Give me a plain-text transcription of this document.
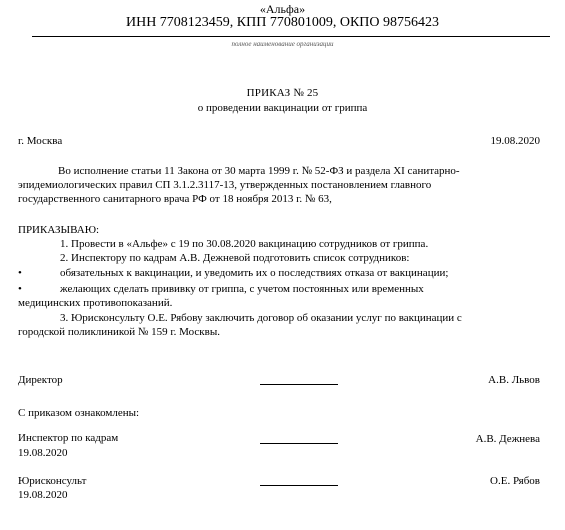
«Альфа»
ИНН 7708123459, КПП 770801009, ОКПО 98756423
полное наименование организации
ПРИКАЗ № 25
о проведении вакцинации от гриппа
г. Москва	19.08.2020
Во исполнение статьи 11 Закона от 30 марта 1999 г. № 52-ФЗ и раздела XI санитарно-
эпидемиологических правил СП 3.1.2.3117-13, утвержденных постановлением главного
государственного санитарного врача РФ от 18 ноября 2013 г. № 63,
ПРИКАЗЫВАЮ:
1. Провести в «Альфе» с 19 по 30.08.2020 вакцинацию сотрудников от гриппа.
2. Инспектору по кадрам А.В. Дежневой подготовить список сотрудников:
•	обязательных к вакцинации, и уведомить их о последствиях отказа от вакцинации;
•	желающих сделать прививку от гриппа, с учетом постоянных или временных
медицинских противопоказаний.
3. Юрисконсульту О.Е. Рябову заключить договор об оказании услуг по вакцинации с
городской поликлиникой № 159 г. Москвы.
Директор	А.В. Львов
С приказом ознакомлены:
Инспектор по кадрам	А.В. Дежнева
19.08.2020
Юрисконсульт	О.Е. Рябов
19.08.2020
